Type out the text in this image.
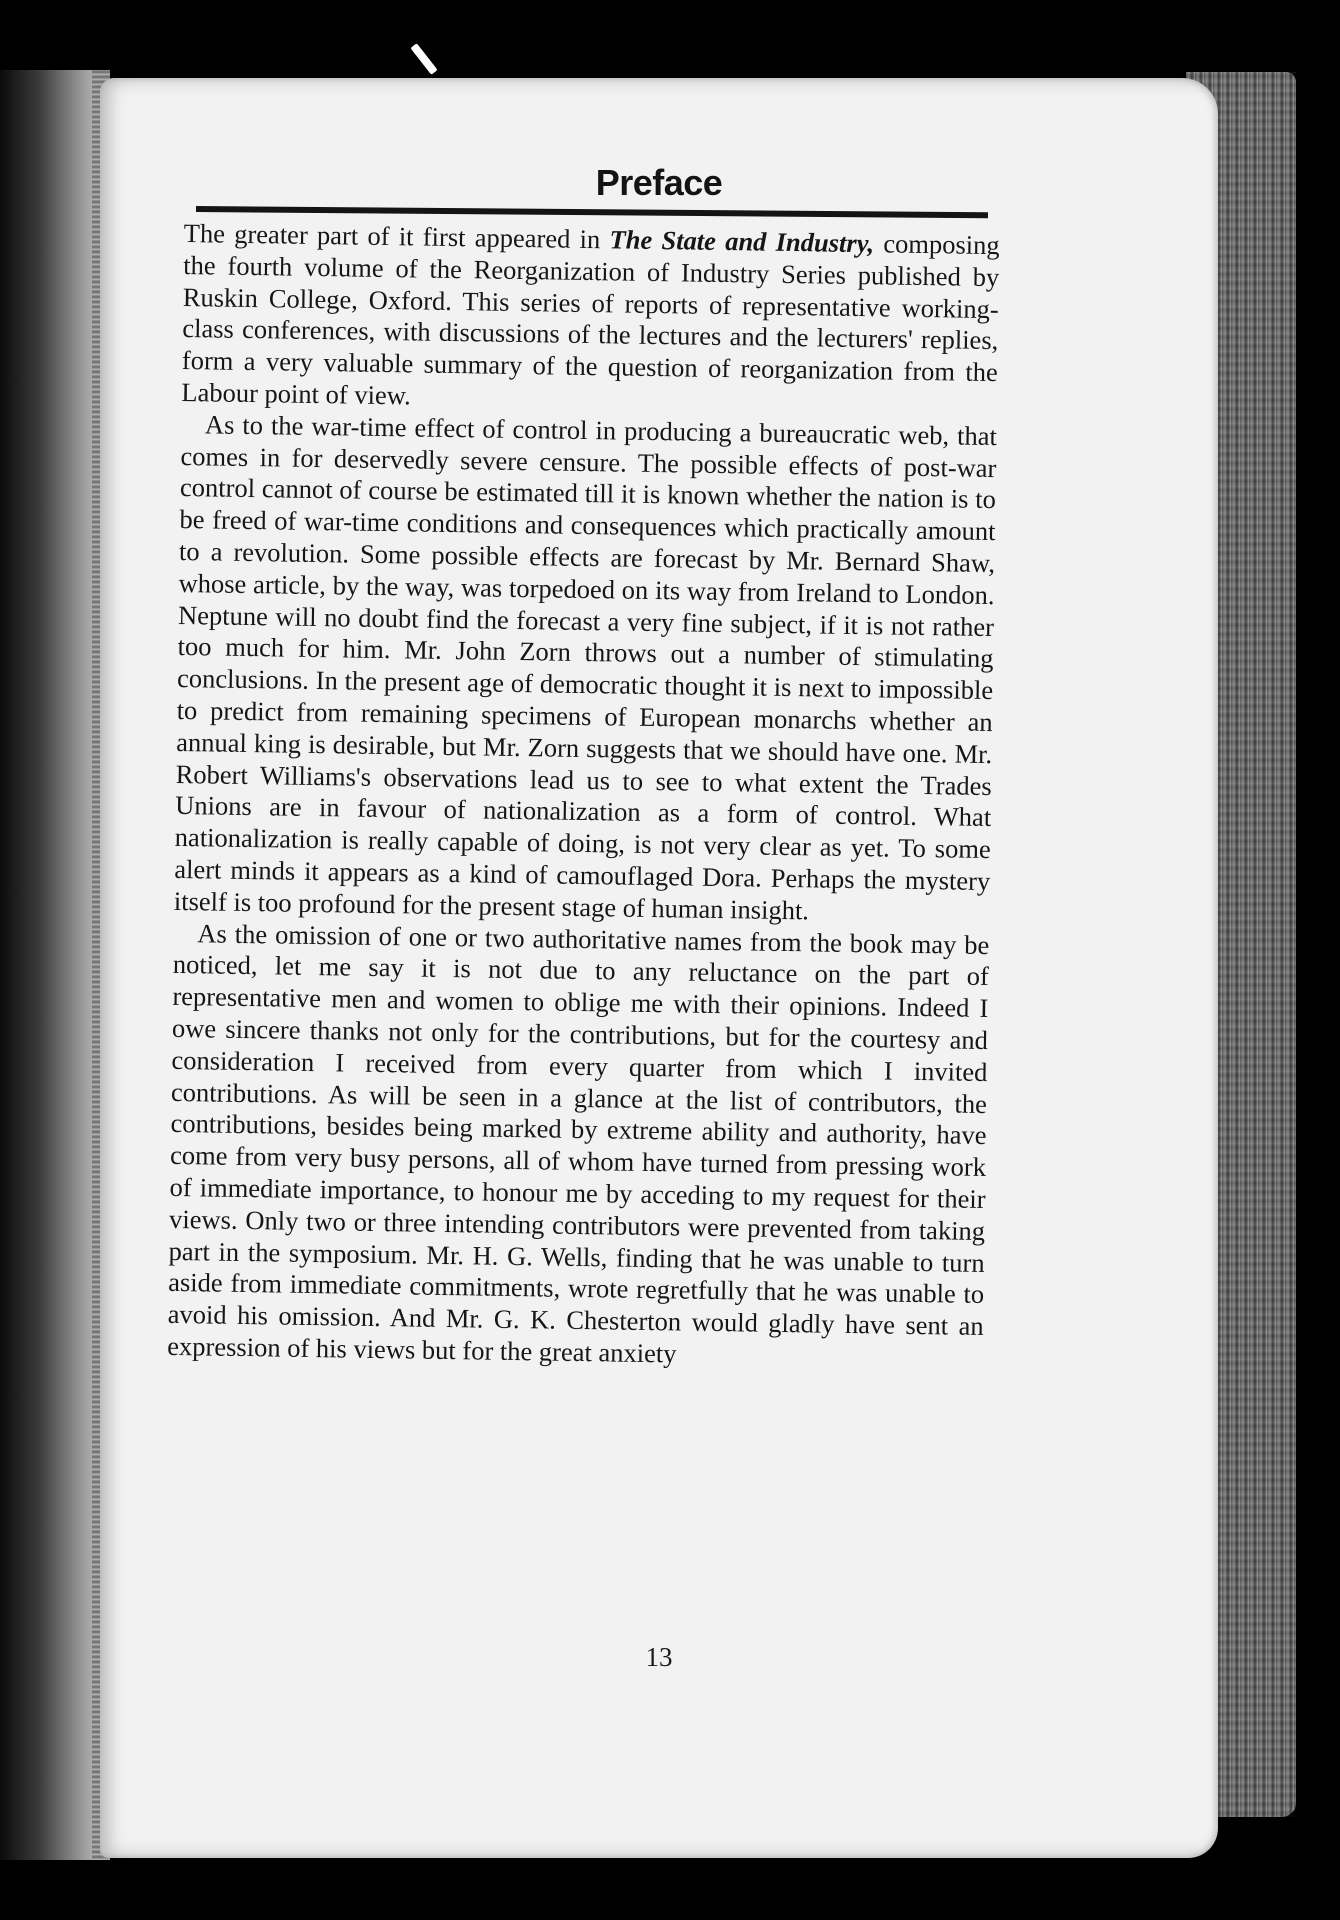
Preface

The greater part of it first appeared in The State and Industry, composing the fourth volume of the Reorganization of Industry Series published by Ruskin College, Oxford. This series of reports of representative working-class conferences, with discussions of the lectures and the lecturers' replies, form a very valuable summary of the question of reorganization from the Labour point of view.

As to the war-time effect of control in producing a bureaucratic web, that comes in for deservedly severe censure. The possible effects of post-war control cannot of course be estimated till it is known whether the nation is to be freed of war-time conditions and consequences which practically amount to a revolution. Some possible effects are forecast by Mr. Bernard Shaw, whose article, by the way, was torpedoed on its way from Ireland to London. Neptune will no doubt find the forecast a very fine subject, if it is not rather too much for him. Mr. John Zorn throws out a number of stimulating conclusions. In the present age of democratic thought it is next to impossible to predict from remaining specimens of European monarchs whether an annual king is desirable, but Mr. Zorn suggests that we should have one. Mr. Robert Williams's observations lead us to see to what extent the Trades Unions are in favour of nationalization as a form of control. What nationalization is really capable of doing, is not very clear as yet. To some alert minds it appears as a kind of camouflaged Dora. Perhaps the mystery itself is too profound for the present stage of human insight.

As the omission of one or two authoritative names from the book may be noticed, let me say it is not due to any reluctance on the part of representative men and women to oblige me with their opinions. Indeed I owe sincere thanks not only for the contributions, but for the courtesy and consideration I received from every quarter from which I invited contributions. As will be seen in a glance at the list of contributors, the contributions, besides being marked by extreme ability and authority, have come from very busy persons, all of whom have turned from pressing work of immediate importance, to honour me by acceding to my request for their views. Only two or three intending contributors were prevented from taking part in the symposium. Mr. H. G. Wells, finding that he was unable to turn aside from immediate commitments, wrote regretfully that he was unable to avoid his omission. And Mr. G. K. Chesterton would gladly have sent an expression of his views but for the great anxiety

13
